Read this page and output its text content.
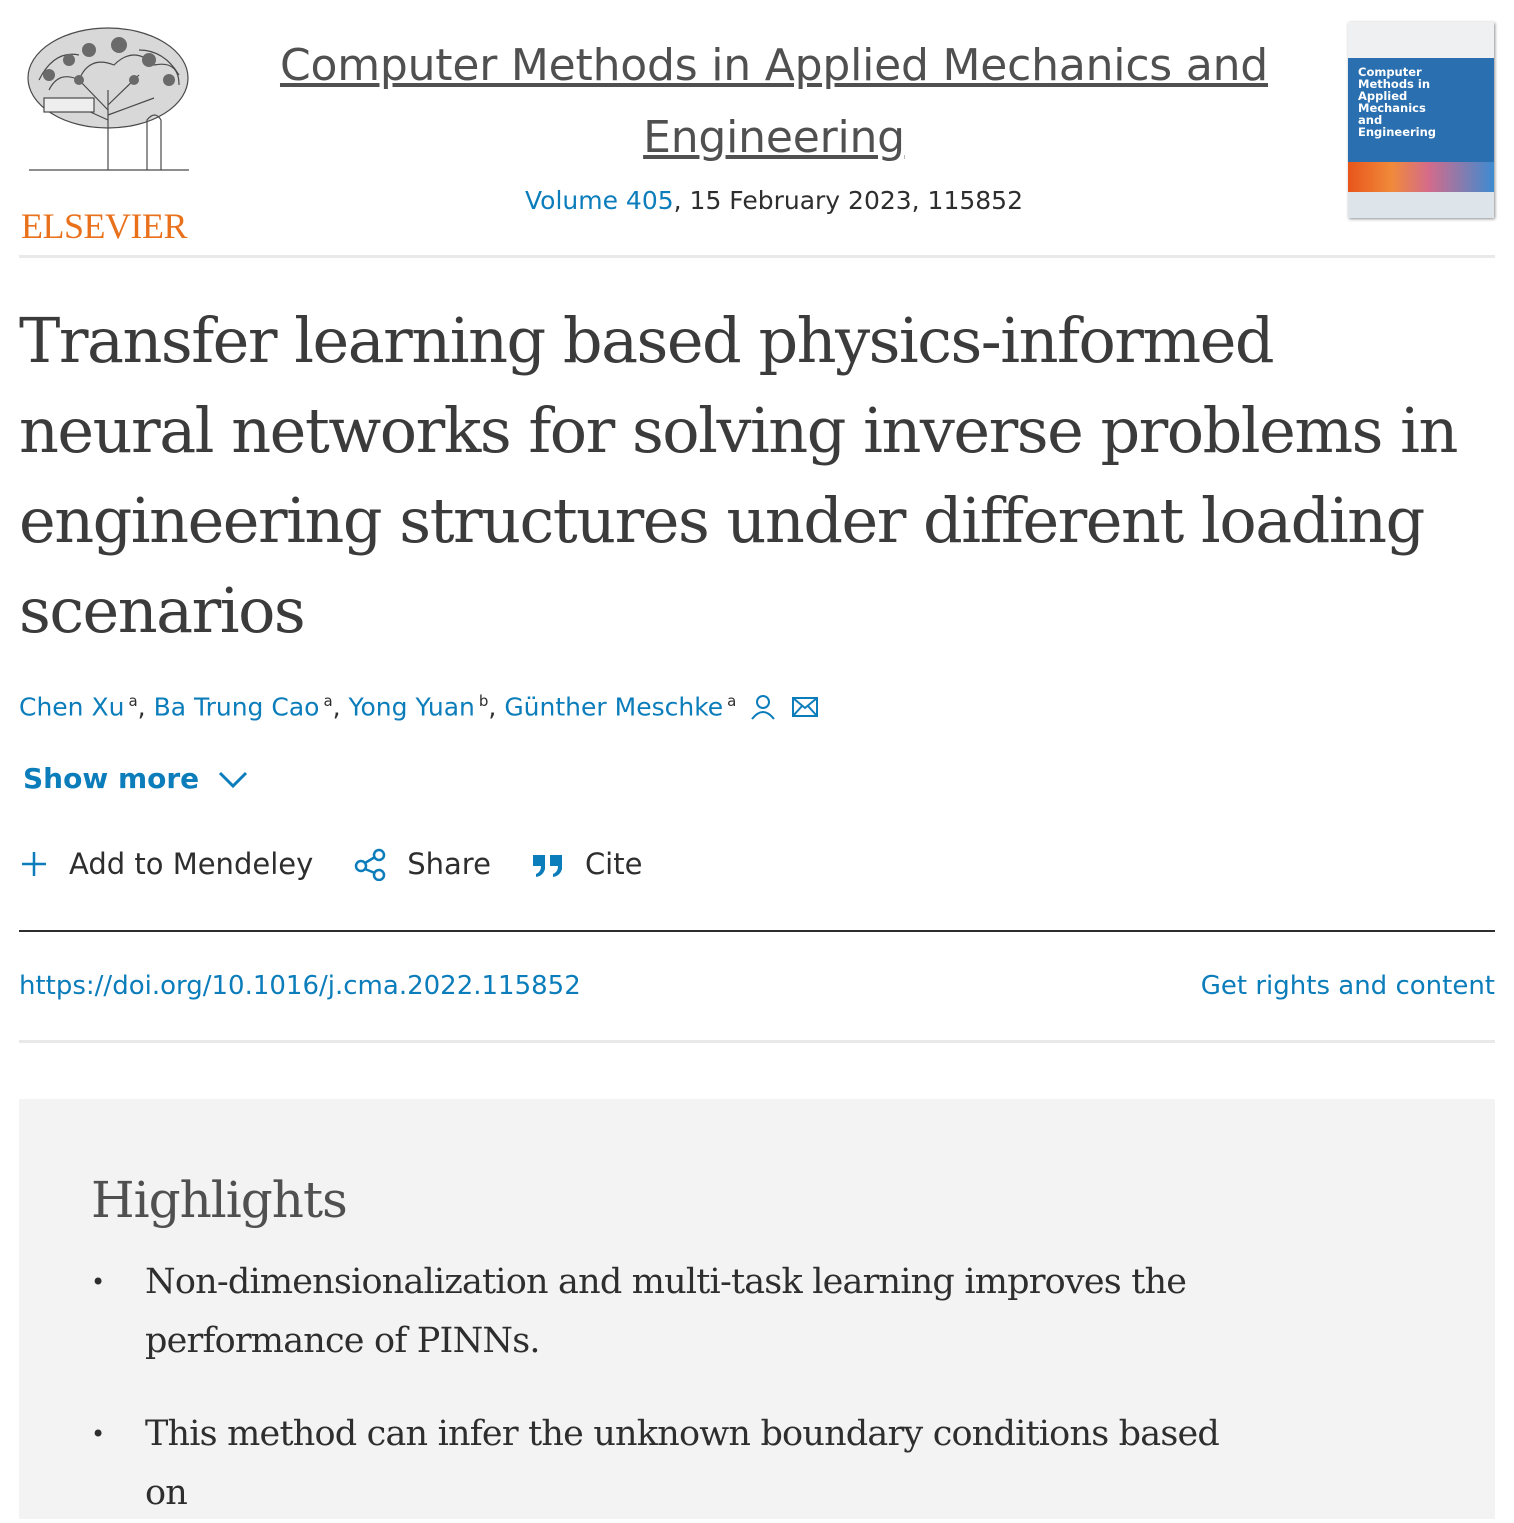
ELSEVIER
Computer Methods in Applied Mechanics and Engineering
Volume 405, 15 February 2023, 115852
Computer Methods in Applied Mechanics and Engineering
Transfer learning based physics-informed neural networks for solving inverse problems in engineering structures under different loading scenarios
Chen Xu $^a$, Ba Trung Cao $^a$, Yong Yuan $^b$, Günther Meschke $^a$
Show more
Add to Mendeley	Share	Cite
https://doi.org/10.1016/j.cma.2022.115852	Get rights and content
Highlights
• Non-dimensionalization and multi-task learning improves the performance of PINNs.
• This method can infer the unknown boundary conditions based on
